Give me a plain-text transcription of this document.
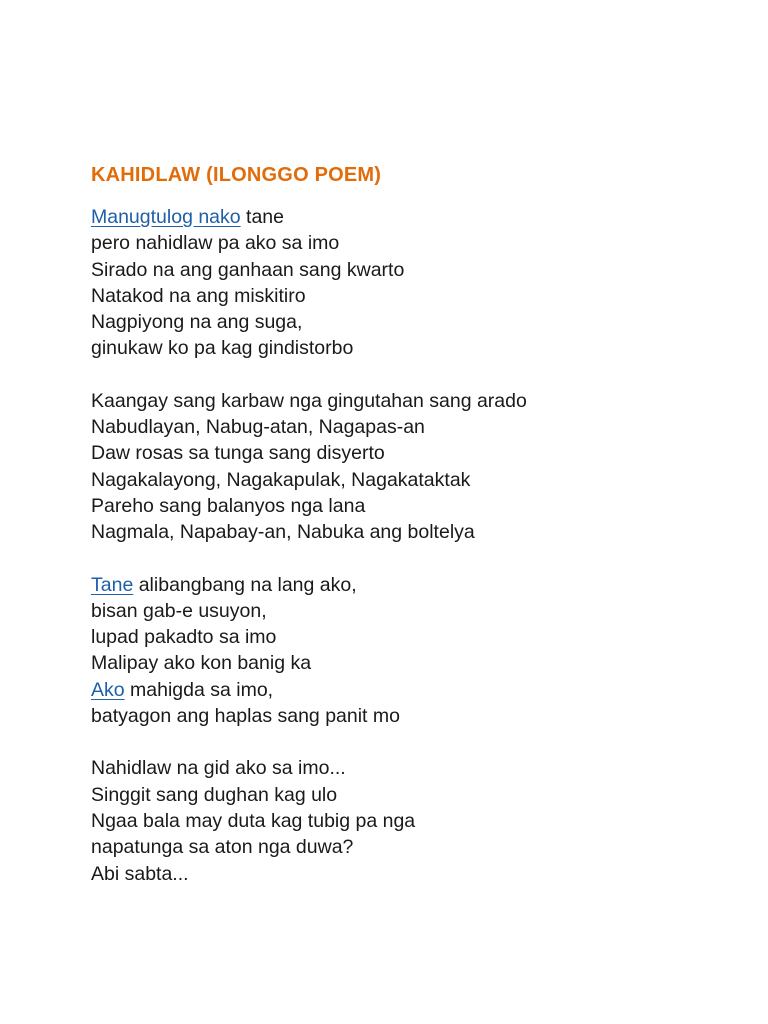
KAHIDLAW (ILONGGO POEM)
Manugtulog nako tane
pero nahidlaw pa ako sa imo
Sirado na ang ganhaan sang kwarto
Natakod na ang miskitiro
Nagpiyong na ang suga,
ginukaw ko pa kag gindistorbo
Kaangay sang karbaw nga gingutahan sang arado
Nabudlayan, Nabug-atan, Nagapas-an
Daw rosas sa tunga sang disyerto
Nagakalayong, Nagakapulak, Nagakataktak
Pareho sang balanyos nga lana
Nagmala, Napabay-an, Nabuka ang boltelya
Tane alibangbang na lang ako,
bisan gab-e usuyon,
lupad pakadto sa imo
Malipay ako kon banig ka
Ako mahigda sa imo,
batyagon ang haplas sang panit mo
Nahidlaw na gid ako sa imo...
Singgit sang dughan kag ulo
Ngaa bala may duta kag tubig pa nga
napatunga sa aton nga duwa?
Abi sabta...
